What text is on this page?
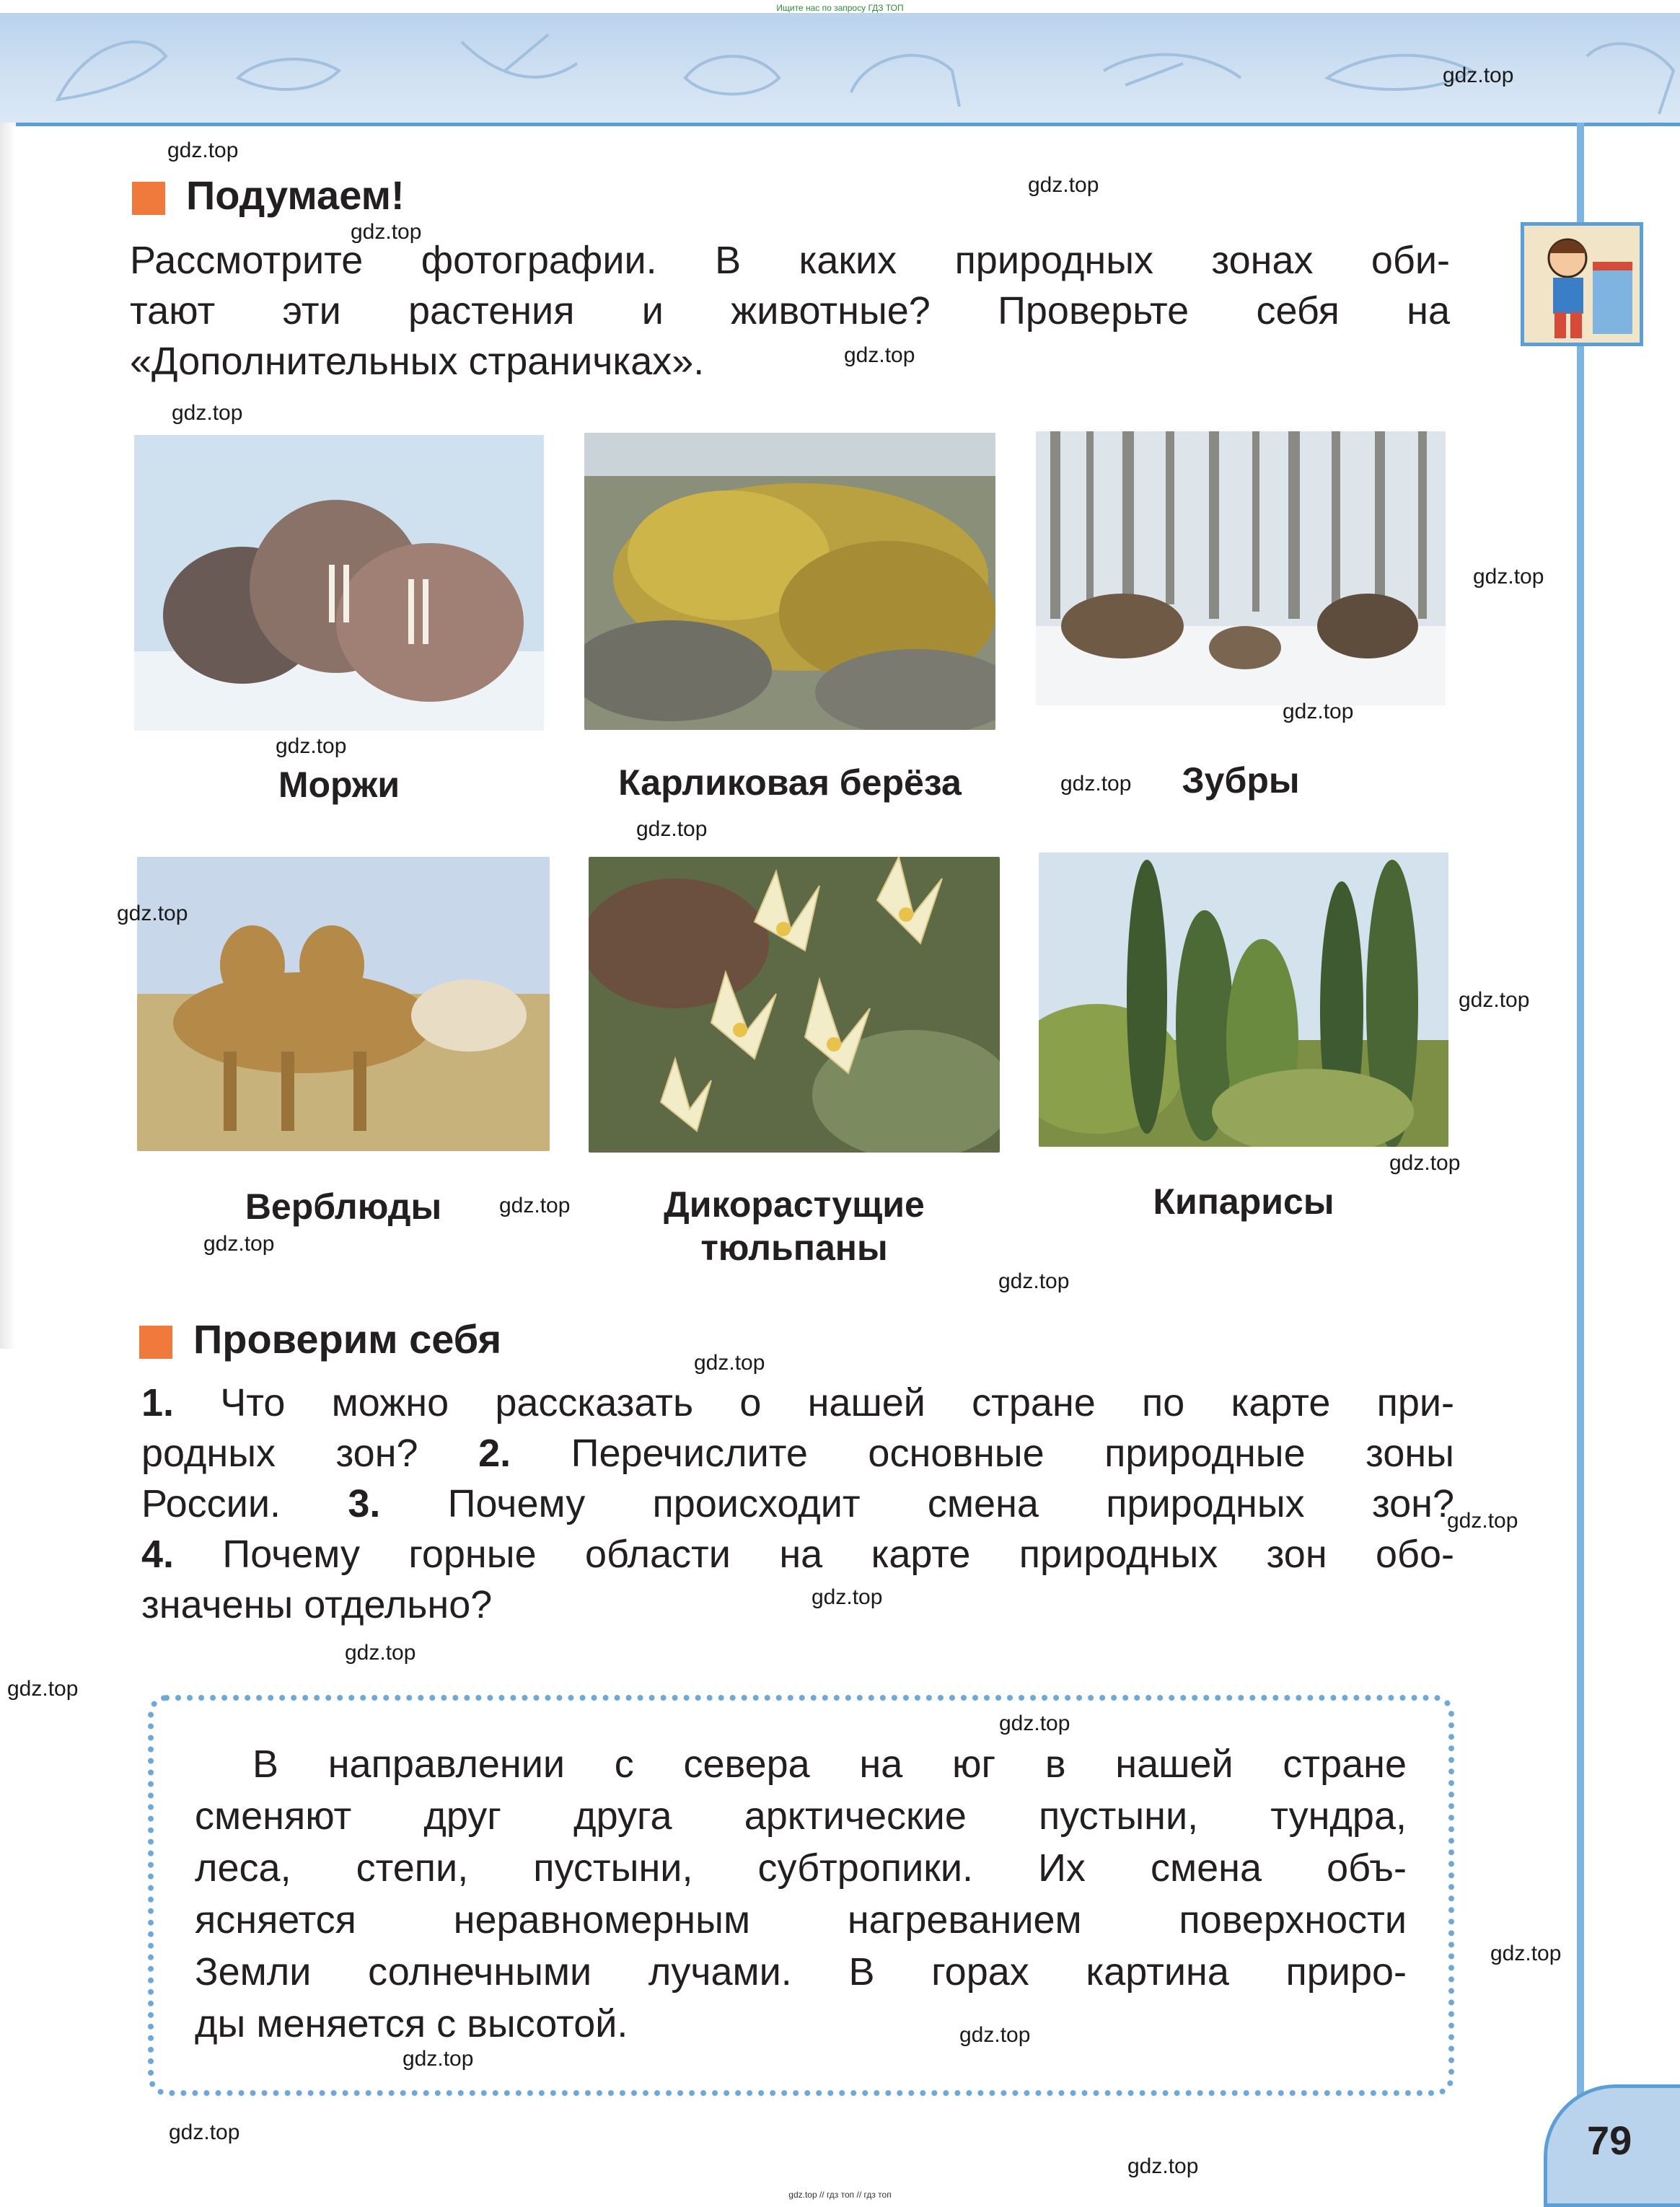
Ищите нас по запросу ГДЗ ТОП
Подумаем!
Рассмотрите фотографии. В каких природных зонах оби-
тают эти растения и животные? Проверьте себя на
«Дополнительных страничках».
Моржи	Карликовая берёза	Зубры
Верблюды	Дикорастущие
тюльпаны
Кипарисы
Проверим себя
1. Что можно рассказать о нашей стране по карте при-
родных зон? 2. Перечислите основные природные зоны
России. 3. Почему происходит смена природных зон?
4. Почему горные области на карте природных зон обо-
значены отдельно?
В направлении с севера на юг в нашей стране
сменяют друг друга арктические пустыни, тундра,
леса, степи, пустыни, субтропики. Их смена объ-
ясняется неравномерным нагреванием поверхности
Земли солнечными лучами. В горах картина приро-
ды меняется с высотой.
79
gdz.top
gdz.top
gdz.top
gdz.top
gdz.top
gdz.top
gdz.top
gdz.top
gdz.top
gdz.top
gdz.top
gdz.top
gdz.top
gdz.top
gdz.top
gdz.top
gdz.top
gdz.top
gdz.top
gdz.top
gdz.top
gdz.top
gdz.top
gdz.top
gdz.top
gdz.top
gdz.top
gdz.top
gdz.top // гдз топ // гдз топ
